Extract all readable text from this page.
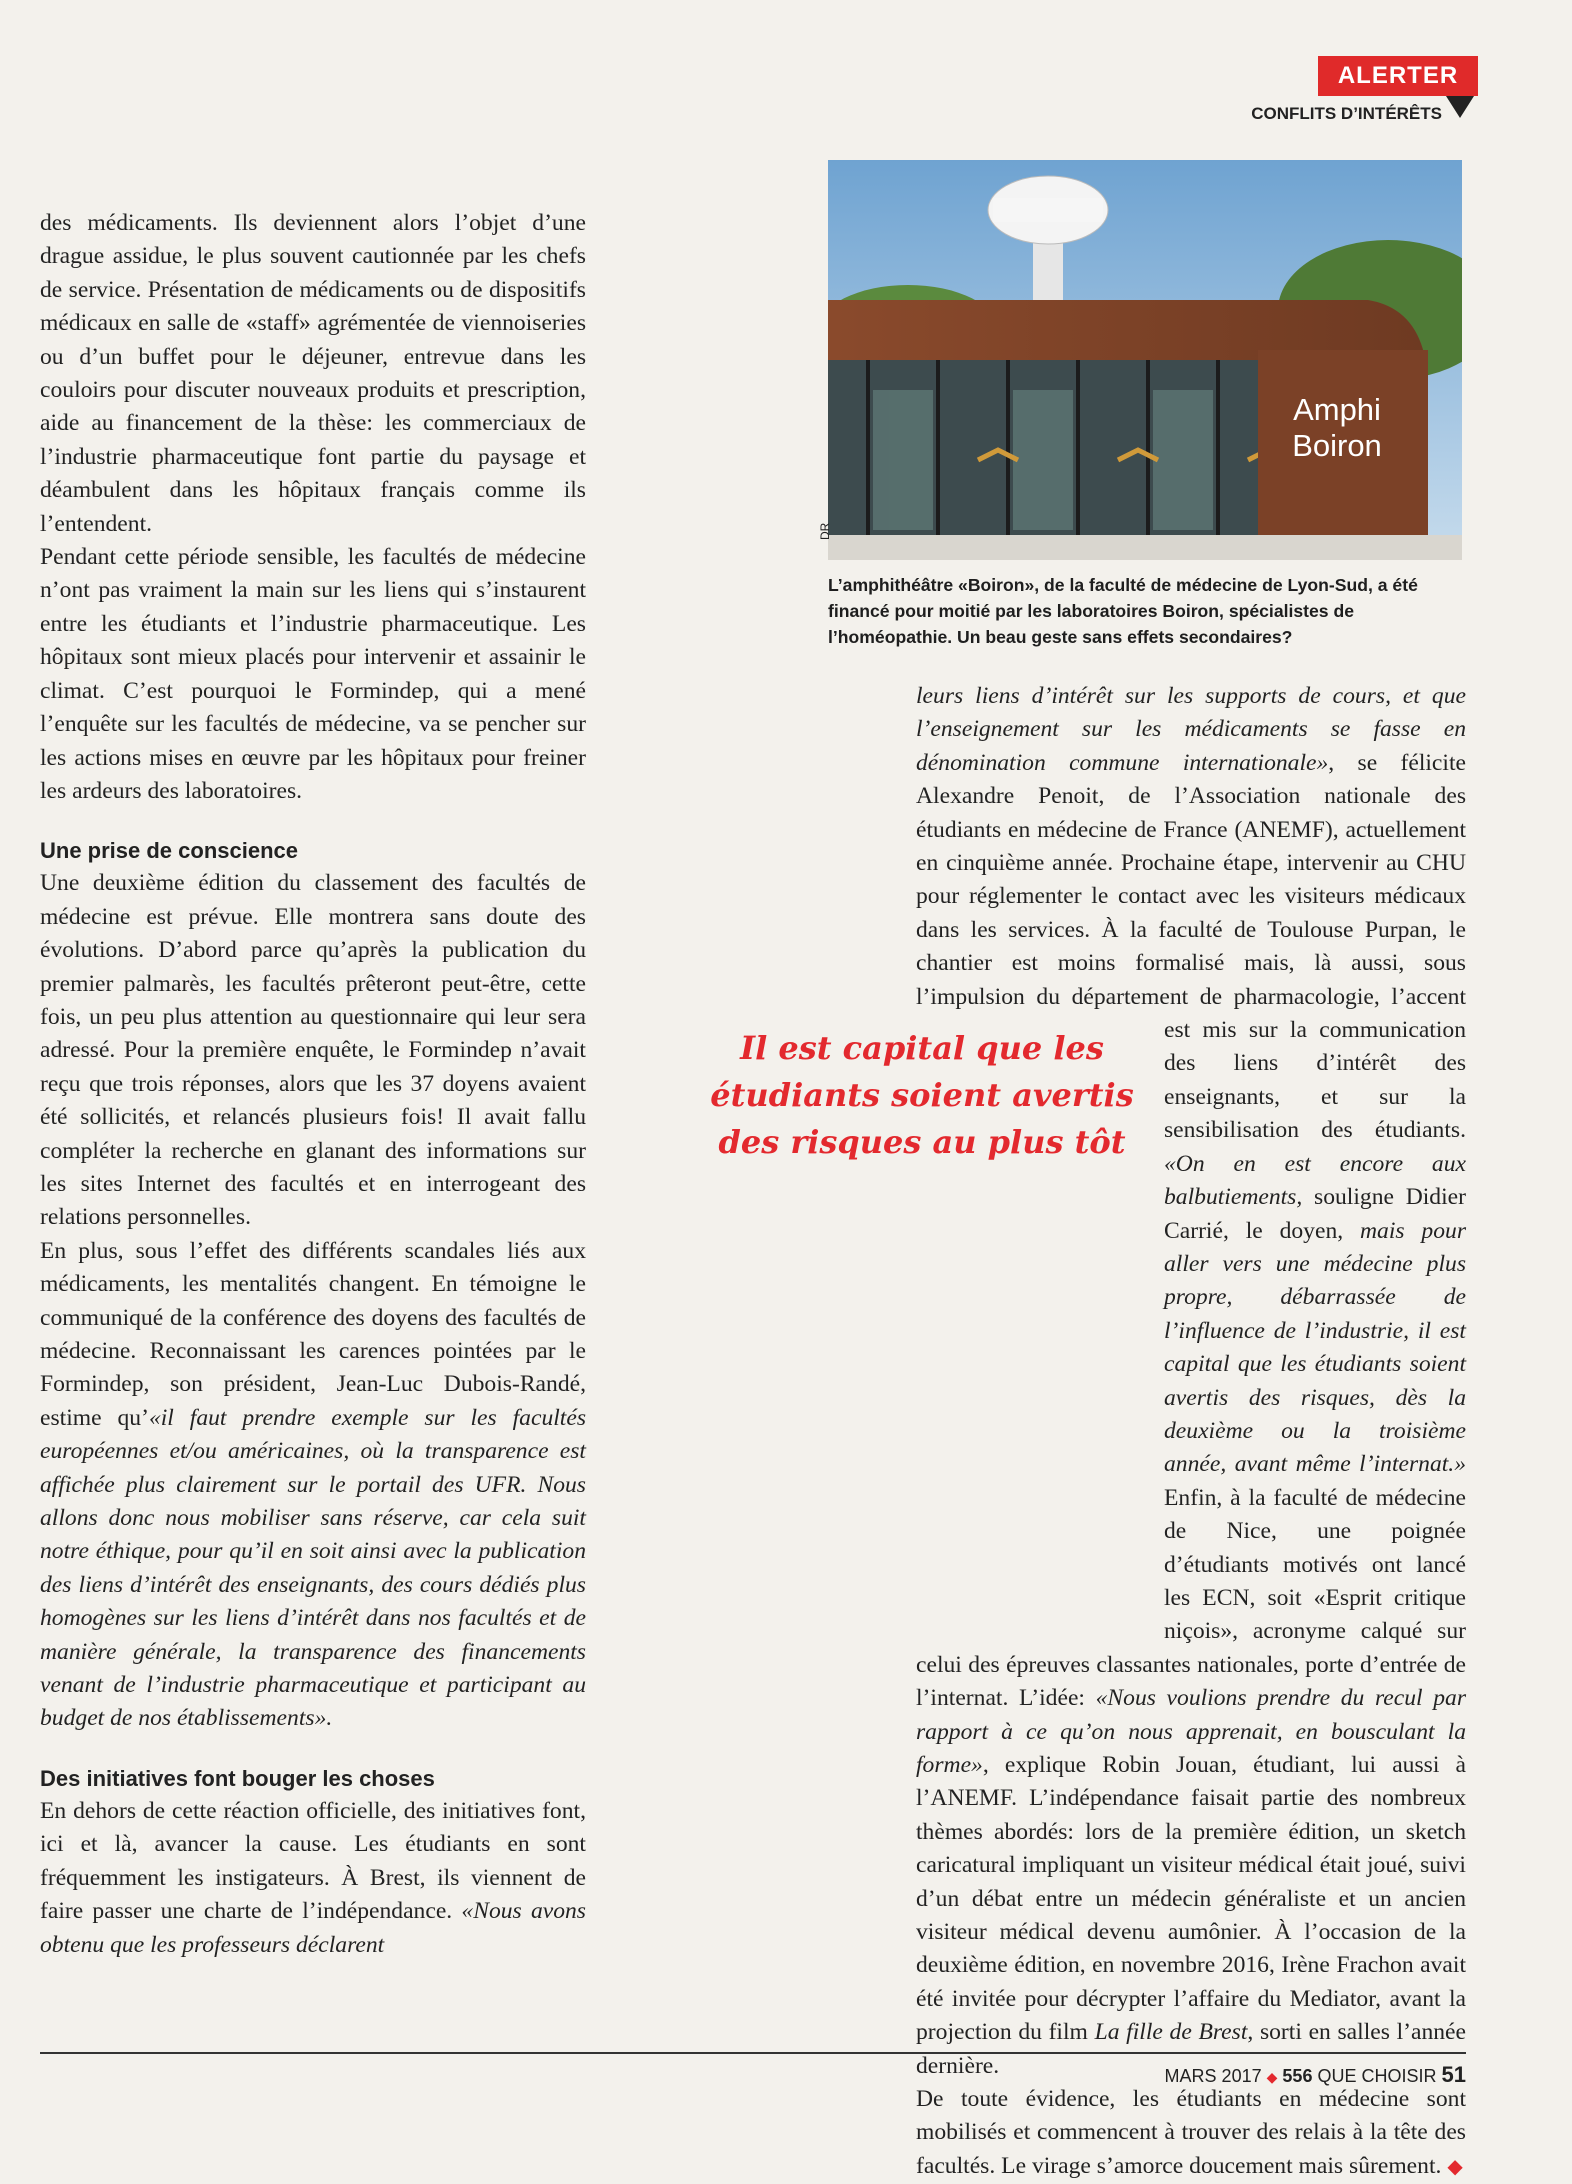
ALERTER
CONFLITS D’INTÉRÊTS
Amphi
Boiron
DR
L’amphithéâtre «Boiron», de la faculté de médecine de Lyon-Sud, a été financé pour moitié par les laboratoires Boiron, spécialistes de l’homéopathie. Un beau geste sans effets secondaires?

des médicaments. Ils deviennent alors l’objet d’une drague assidue, le plus souvent cautionnée par les chefs de service. Présentation de médicaments ou de dispositifs médicaux en salle de «staff» agrémentée de viennoiseries ou d’un buffet pour le déjeuner, entrevue dans les couloirs pour discuter nouveaux produits et prescription, aide au financement de la thèse: les commerciaux de l’industrie pharmaceutique font partie du paysage et déambulent dans les hôpitaux français comme ils l’entendent.

Pendant cette période sensible, les facultés de médecine n’ont pas vraiment la main sur les liens qui s’instaurent entre les étudiants et l’industrie pharmaceutique. Les hôpitaux sont mieux placés pour intervenir et assainir le climat. C’est pourquoi le Formindep, qui a mené l’enquête sur les facultés de médecine, va se pencher sur les actions mises en œuvre par les hôpitaux pour freiner les ardeurs des laboratoires.

Une prise de conscience

Une deuxième édition du classement des facultés de médecine est prévue. Elle montrera sans doute des évolutions. D’abord parce qu’après la publication du premier palmarès, les facultés prêteront peut-être, cette fois, un peu plus attention au questionnaire qui leur sera adressé. Pour la première enquête, le Formindep n’avait reçu que trois réponses, alors que les 37 doyens avaient été sollicités, et relancés plusieurs fois! Il avait fallu compléter la recherche en glanant des informations sur les sites Internet des facultés et en interrogeant des relations personnelles.

En plus, sous l’effet des différents scandales liés aux médicaments, les mentalités changent. En témoigne le communiqué de la conférence des doyens des facultés de médecine. Reconnaissant les carences pointées par le Formindep, son président, Jean-Luc Dubois-Randé, estime qu’«il faut prendre exemple sur les facultés européennes et/ou américaines, où la transparence est affichée plus clairement sur le portail des UFR. Nous allons donc nous mobiliser sans réserve, car cela suit notre éthique, pour qu’il en soit ainsi avec la publication des liens d’intérêt des enseignants, des cours dédiés plus homogènes sur les liens d’intérêt dans nos facultés et de manière générale, la transparence des financements venant de l’industrie pharmaceutique et participant au budget de nos établissements».

Des initiatives font bouger les choses

En dehors de cette réaction officielle, des initiatives font, ici et là, avancer la cause. Les étudiants en sont fréquemment les instigateurs. À Brest, ils viennent de faire passer une charte de l’indépendance. «Nous avons obtenu que les professeurs déclarent

leurs liens d’intérêt sur les supports de cours, et que l’enseignement sur les médicaments se fasse en dénomination commune internationale», se félicite Alexandre Penoit, de l’Association nationale des étudiants en médecine de France (ANEMF), actuellement en cinquième année. Prochaine étape, intervenir au CHU pour réglementer le contact avec les visiteurs médicaux dans les services. À la faculté de Toulouse Purpan, le chantier est moins formalisé mais, là aussi, sous l’impulsion du département de pharmacologie, l’accent est mis sur la communication des liens d’intérêt des enseignants, et sur la sensibilisation des étudiants. «On en est encore aux balbutiements, souligne Didier Carrié, le doyen, mais pour aller vers une médecine plus propre, débarrassée de l’influence de l’industrie, il est capital que les étudiants soient avertis des risques, dès la deuxième ou la troisième année, avant même l’internat.» Enfin, à la faculté de médecine de Nice, une poignée d’étudiants motivés ont lancé les ECN, soit «Esprit critique niçois», acronyme calqué sur celui des épreuves classantes nationales, porte d’entrée de l’internat. L’idée: «Nous voulions prendre du recul par rapport à ce qu’on nous apprenait, en bousculant la forme», explique Robin Jouan, étudiant, lui aussi à l’ANEMF. L’indépendance faisait partie des nombreux thèmes abordés: lors de la première édition, un sketch caricatural impliquant un visiteur médical était joué, suivi d’un débat entre un médecin généraliste et un ancien visiteur médical devenu aumônier. À l’occasion de la deuxième édition, en novembre 2016, Irène Frachon avait été invitée pour décrypter l’affaire du Mediator, avant la projection du film La fille de Brest, sorti en salles l’année dernière.

De toute évidence, les étudiants en médecine sont mobilisés et commencent à trouver des relais à la tête des facultés. Le virage s’amorce doucement mais sûrement. ◆

Il est capital que les étudiants soient avertis des risques au plus tôt
MARS 2017 ◆ 556 QUE CHOISIR 51
